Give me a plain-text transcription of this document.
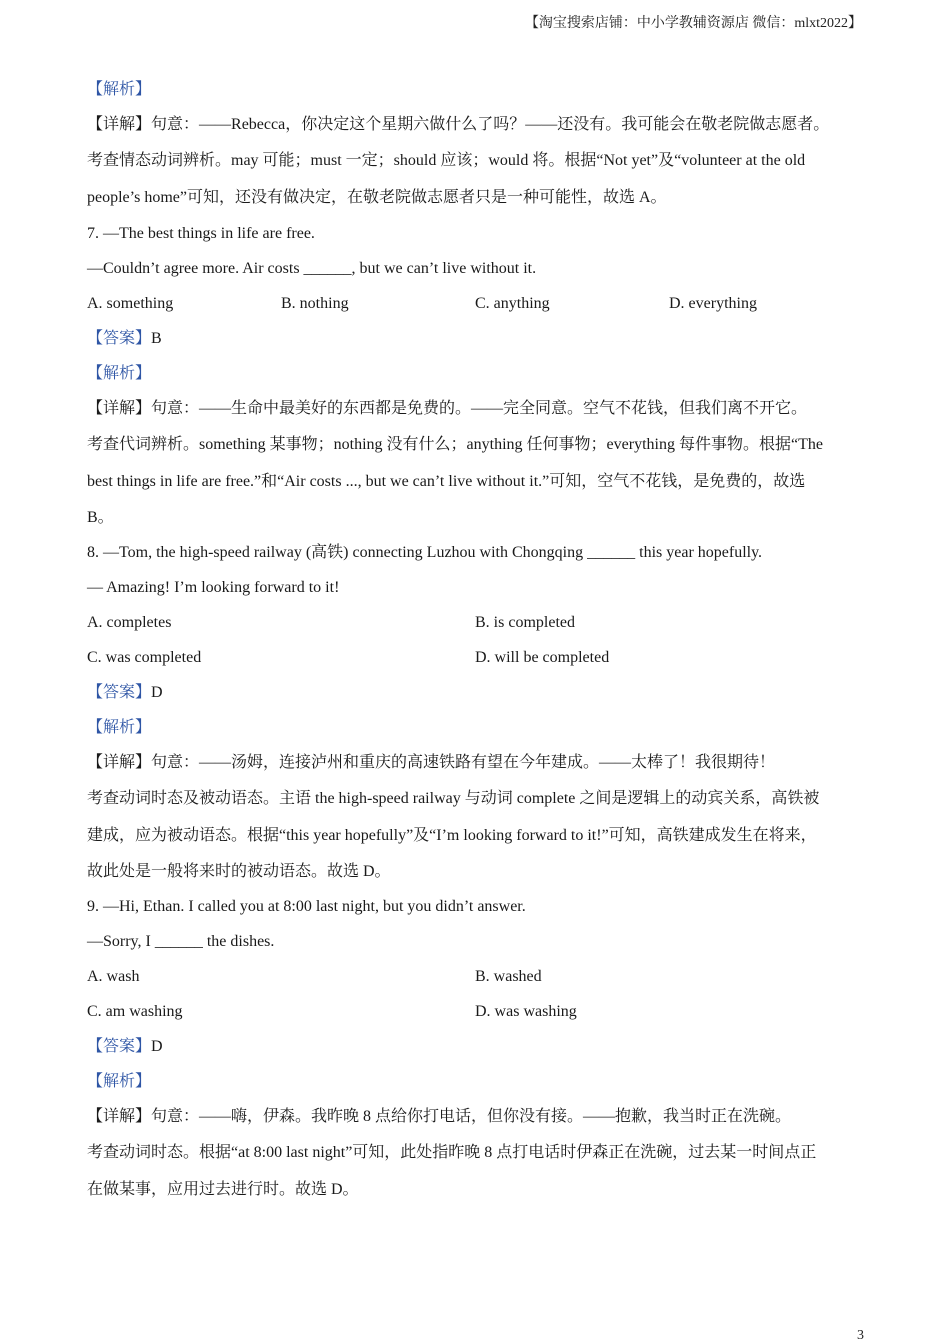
【淘宝搜索店铺：中小学教辅资源店 微信：mlxt2022】
【解析】
【详解】句意：——Rebecca，你决定这个星期六做什么了吗？——还没有。我可能会在敬老院做志愿者。
考查情态动词辨析。may 可能；must 一定；should 应该；would 将。根据“Not yet”及“volunteer at the old
people’s home”可知，还没有做决定，在敬老院做志愿者只是一种可能性，故选 A。
7. —The best things in life are free.
—Couldn’t agree more. Air costs ______, but we can’t live without it.
A. something	B. nothing	C. anything	D. everything
【答案】B
【解析】
【详解】句意：——生命中最美好的东西都是免费的。——完全同意。空气不花钱，但我们离不开它。
考查代词辨析。something 某事物；nothing 没有什么；anything 任何事物；everything 每件事物。根据“The
best things in life are free.”和“Air costs ..., but we can’t live without it.”可知，空气不花钱，是免费的，故选
B。
8. —Tom, the high-speed railway (高铁) connecting Luzhou with Chongqing ______ this year hopefully.
— Amazing! I’m looking forward to it!
A. completes	B. is completed
C. was completed	D. will be completed
【答案】D
【解析】
【详解】句意：——汤姆，连接泸州和重庆的高速铁路有望在今年建成。——太棒了！我很期待！
考查动词时态及被动语态。主语 the high-speed railway 与动词 complete 之间是逻辑上的动宾关系，高铁被
建成，应为被动语态。根据“this year hopefully”及“I’m looking forward to it!”可知，高铁建成发生在将来，
故此处是一般将来时的被动语态。故选 D。
9. —Hi, Ethan. I called you at 8:00 last night, but you didn’t answer.
—Sorry, I ______ the dishes.
A. wash	B. washed
C. am washing	D. was washing
【答案】D
【解析】
【详解】句意：——嗨，伊森。我昨晚 8 点给你打电话，但你没有接。——抱歉，我当时正在洗碗。
考查动词时态。根据“at 8:00 last night”可知，此处指昨晚 8 点打电话时伊森正在洗碗，过去某一时间点正
在做某事，应用过去进行时。故选 D。
3
